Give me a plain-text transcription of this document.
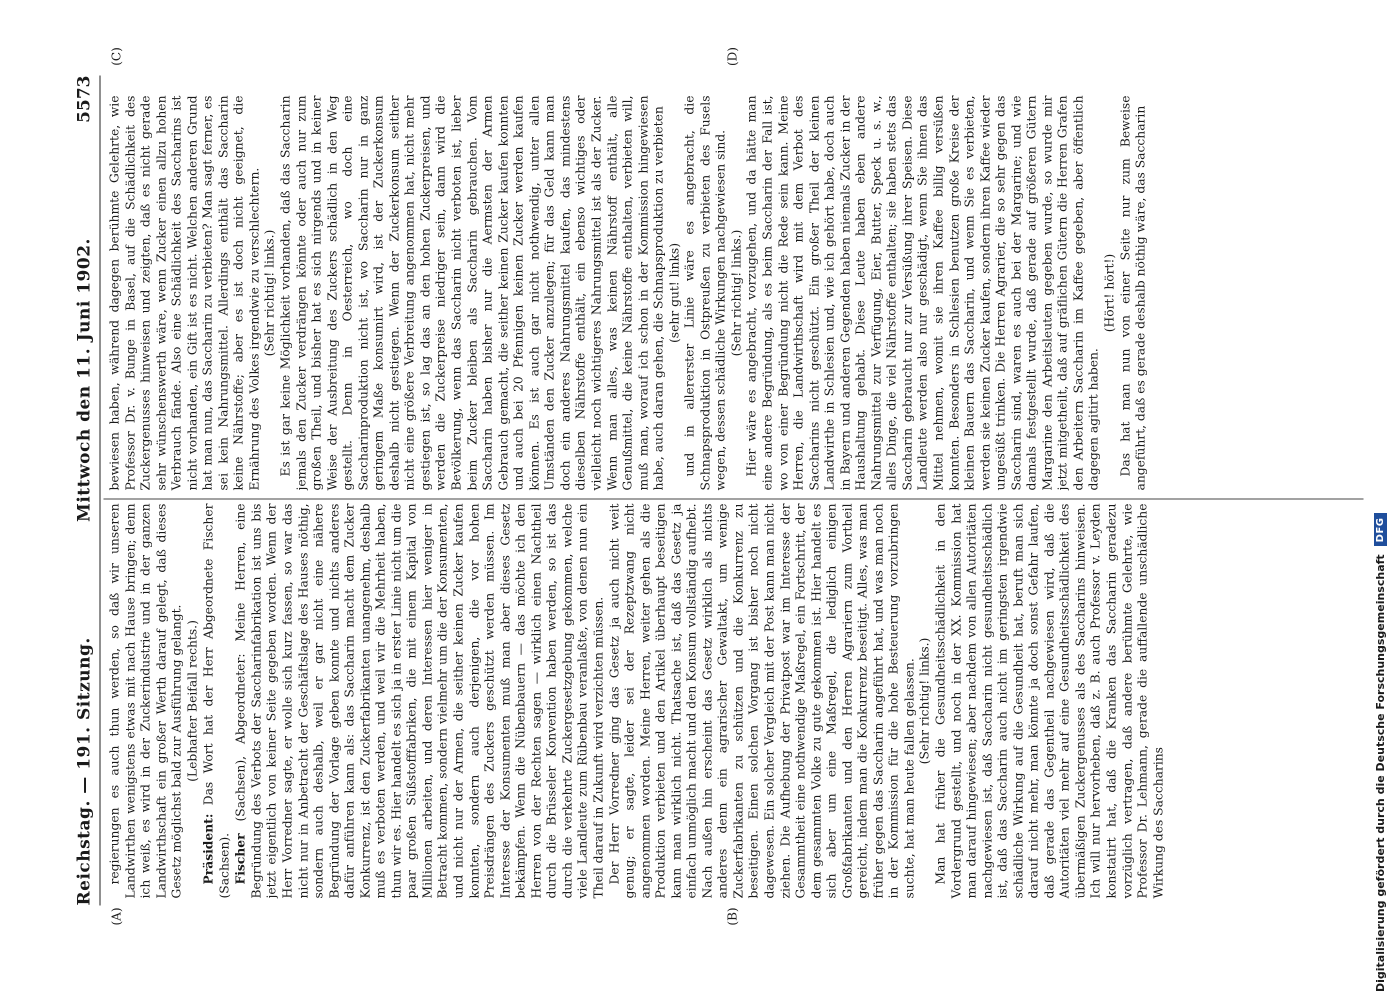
Reichstag. — 191. Sitzung.
Mittwoch den 11. Juni 1902.
5573
(A)	(B)
(C)	(D)

regierungen es auch thun werden, so daß wir unseren Landwirthen wenigstens etwas mit nach Hause bringen; denn ich weiß, es wird in der Zuckerindustrie und in der ganzen Landwirthschaft ein großer Werth darauf gelegt, daß dieses Gesetz möglichst bald zur Ausführung gelangt. (Lebhafter Beifall rechts.)

Präsident: Das Wort hat der Herr Abgeordnete Fischer (Sachsen). Fischer (Sachsen), Abgeordneter: Meine Herren, eine Begründung des Verbots der Saccharinfabrikation ist uns bis jetzt eigentlich von keiner Seite gegeben worden. Wenn der Herr Vorredner sagte, er wolle sich kurz fassen, so war das nicht nur in Anbetracht der Geschäftslage des Hauses nöthig, sondern auch deshalb, weil er gar nicht eine nähere Begründung der Vorlage geben konnte und nichts anderes dafür anführen kann als: das Saccharin macht dem Zucker Konkurrenz, ist den Zuckerfabrikanten unangenehm, deshalb muß es verboten werden, und weil wir die Mehrheit haben, thun wir es. Hier handelt es sich ja in erster Linie nicht um die paar großen Süßstofffabriken, die mit einem Kapital von Millionen arbeiten, und deren Interessen hier weniger in Betracht kommen, sondern vielmehr um die der Konsumenten, und nicht nur der Armen, die seither keinen Zucker kaufen konnten, sondern auch derjenigen, die vor hohen Preisdrängen des Zuckers geschützt werden müssen. Im Interesse der Konsumenten muß man aber dieses Gesetz bekämpfen. Wenn die Nübenbauern — das möchte ich den Herren von der Rechten sagen — wirklich einen Nachtheil durch die Brüsseler Konvention haben werden, so ist das durch die verkehrte Zuckergesetzgebung gekommen, welche viele Landleute zum Rübenbau veranlaßte, von denen nun ein Theil darauf in Zukunft wird verzichten müssen. Der Herr Vorredner ging das Gesetz ja auch nicht weit genug; er sagte, leider sei der Rezeptzwang nicht angenommen worden. Meine Herren, weiter gehen als die Produktion verbieten und den Artikel überhaupt beseitigen kann man wirklich nicht. Thatsache ist, daß das Gesetz ja einfach unmöglich macht und den Konsum vollständig aufhebt. Nach außen hin erscheint das Gesetz wirklich als nichts anderes denn ein agrarischer Gewaltakt, um wenige Zuckerfabrikanten zu schützen und die Konkurrenz zu beseitigen. Einen solchen Vorgang ist bisher noch nicht dagewesen. Ein solcher Vergleich mit der Post kann man nicht ziehen. Die Aufhebung der Privatpost war im Interesse der Gesammtheit eine nothwendige Maßregel, ein Fortschritt, der dem gesammten Volke zu gute gekommen ist. Hier handelt es sich aber um eine Maßregel, die lediglich einigen Großfabrikanten und den Herren Agrariern zum Vortheil gereicht, indem man die Konkurrenz beseitigt. Alles, was man früher gegen das Saccharin angeführt hat, und was man noch in der Kommission für die hohe Besteuerung vorzubringen suchte, hat man heute fallen gelassen. (Sehr richtig! links.) Man hat früher die Gesundheitsschädlichkeit in den Vordergrund gestellt, und noch in der XX. Kommission hat man darauf hingewiesen; aber nachdem von allen Autoritäten nachgewiesen ist, daß Saccharin nicht gesundheitsschädlich ist, daß das Saccharin auch nicht im geringsten irgendwie schädliche Wirkung auf die Gesundheit hat, beruft man sich darauf nicht mehr, man könnte ja doch sonst Gefahr laufen, daß gerade das Gegentheil nachgewiesen wird, daß die Autoritäten viel mehr auf eine Gesundheitsschädlichkeit des übermäßigen Zuckergenusses als des Saccharins hinweisen. Ich will nur hervorheben, daß z. B. auch Professor v. Leyden konstatirt hat, daß die Kranken das Saccharin geradezu vorzüglich vertragen, daß andere berühmte Gelehrte, wie Professor Dr. Lehmann, gerade die auffallende unschädliche Wirkung des Saccharins

bewiesen haben, während dagegen berühmte Gelehrte, wie Professor Dr. v. Bunge in Basel, auf die Schädlichkeit des Zuckergenusses hinweisen und zeigten, daß es nicht gerade sehr wünschenswerth wäre, wenn Zucker einen allzu hohen Verbrauch fände. Also eine Schädlichkeit des Saccharins ist nicht vorhanden, ein Gift ist es nicht. Welchen anderen Grund hat man nun, das Saccharin zu verbieten? Man sagt ferner, es sei kein Nahrungsmittel. Allerdings enthält das Saccharin keine Nährstoffe; aber es ist doch nicht geeignet, die Ernährung des Volkes irgendwie zu verschlechtern. (Sehr richtig! links.) Es ist gar keine Möglichkeit vorhanden, daß das Saccharin jemals den Zucker verdrängen könnte oder auch nur zum großen Theil, und bisher hat es sich nirgends und in keiner Weise der Ausbreitung des Zuckers schädlich in den Weg gestellt. Denn in Oesterreich, wo doch eine Saccharinproduktion nicht ist, wo Saccharin nur in ganz geringem Maße konsumirt wird, ist der Zuckerkonsum deshalb nicht gestiegen. Wenn der Zuckerkonsum seither nicht eine größere Verbreitung angenommen hat, nicht mehr gestiegen ist, so lag das an den hohen Zuckerpreisen, und werden die Zuckerpreise niedriger sein, dann wird die Bevölkerung, wenn das Saccharin nicht verboten ist, lieber beim Zucker bleiben als Saccharin gebrauchen. Vom Saccharin haben bisher nur die Aermsten der Armen Gebrauch gemacht, die seither keinen Zucker kaufen konnten und auch bei 20 Pfennigen keinen Zucker werden kaufen können. Es ist auch gar nicht nothwendig, unter allen Umständen den Zucker anzulegen; für das Geld kann man doch ein anderes Nahrungsmittel kaufen, das mindestens dieselben Nährstoffe enthält, ein ebenso wichtiges oder vielleicht noch wichtigeres Nahrungsmittel ist als der Zucker. Wenn man alles, was keinen Nährstoff enthält, alle Genußmittel, die keine Nährstoffe enthalten, verbieten will, muß man, worauf ich schon in der Kommission hingewiesen habe, auch daran gehen, die Schnapsproduktion zu verbieten (sehr gut! links) und in allererster Linie wäre es angebracht, die Schnapsproduktion in Ostpreußen zu verbieten des Fusels wegen, dessen schädliche Wirkungen nachgewiesen sind. (Sehr richtig! links.) Hier wäre es angebracht, vorzugehen, und da hätte man eine andere Begründung, als es beim Saccharin der Fall ist, wo von einer Begründung nicht die Rede sein kann. Meine Herren, die Landwirthschaft wird mit dem Verbot des Saccharins nicht geschützt. Ein großer Theil der kleinen Landwirthe in Schlesien und, wie ich gehört habe, doch auch in Bayern und anderen Gegenden haben niemals Zucker in der Haushaltung gehabt. Diese Leute haben eben andere Nahrungsmittel zur Verfügung, Eier, Butter, Speck u. s. w., alles Dinge, die viel Nährstoffe enthalten; sie haben stets das Saccharin gebraucht nur zur Versüßung ihrer Speisen. Diese Landleute werden also nur geschädigt, wenn Sie ihnen das Mittel nehmen, womit sie ihren Kaffee billig versüßen konnten. Besonders in Schlesien benutzen große Kreise der kleinen Bauern das Saccharin, und wenn Sie es verbieten, werden sie keinen Zucker kaufen, sondern ihren Kaffee wieder ungesüßt trinken. Die Herren Agrarier, die so sehr gegen das Saccharin sind, waren es auch bei der Margarine; und wie damals festgestellt wurde, daß gerade auf größeren Gütern Margarine den Arbeitsleuten gegeben wurde, so wurde mir jetzt mitgetheilt, daß auf gräflichen Gütern die Herren Grafen den Arbeitern Saccharin im Kaffee gegeben, aber öffentlich dagegen agitirt haben.

(Hört! hört!) Das hat man nun von einer Seite nur zum Beweise angeführt, daß es gerade deshalb nöthig wäre, das Saccharin

Digitalisierung gefördert durch die Deutsche Forschungsgemeinschaft
DFG
